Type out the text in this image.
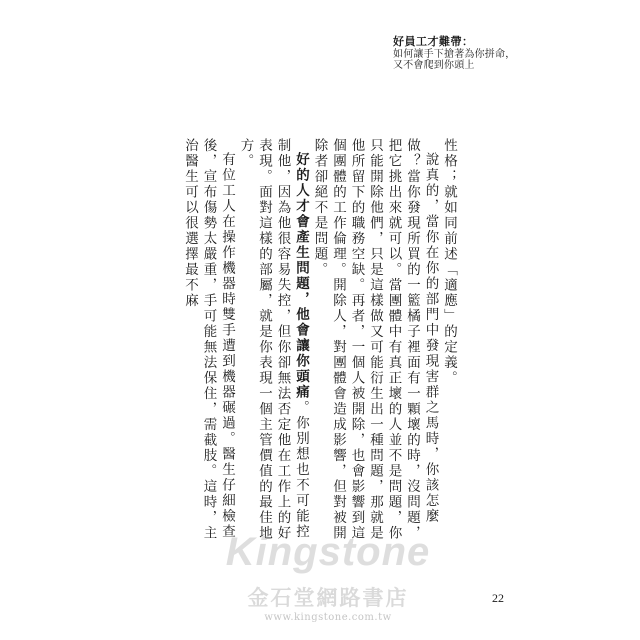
好員工才難帶：
如何讓手下搶著為你拼命，
又不會爬到你頭上

性格；就如同前述「適應」的定義。

說真的，當你在你的部門中發現害群之馬時，你該怎麼做？當你發現所買的一籃橘子裡面有一顆壞的時，沒問題，把它挑出來就可以。當團體中有真正壞的人並不是問題，你只能開除他們，只是這樣做又可能衍生出一種問題，那就是他所留下的職務空缺。再者，一個人被開除，也會影響到這個團體的工作倫理。開除人，對團體會造成影響，但對被開除者卻絕不是問題。

好的人才會產生問題，他會讓你頭痛。你別想也不可能控制他，因為他很容易失控，但你卻無法否定他在工作上的好表現。面對這樣的部屬，就是你表現一個主管價值的最佳地方。

有位工人在操作機器時雙手遭到機器碾過。醫生仔細檢查後，宣布傷勢太嚴重，手可能無法保住，需截肢。這時，主治醫生可以很選擇最不麻

22
Kingstone
金石堂網路書店
www.kingstone.com.tw
